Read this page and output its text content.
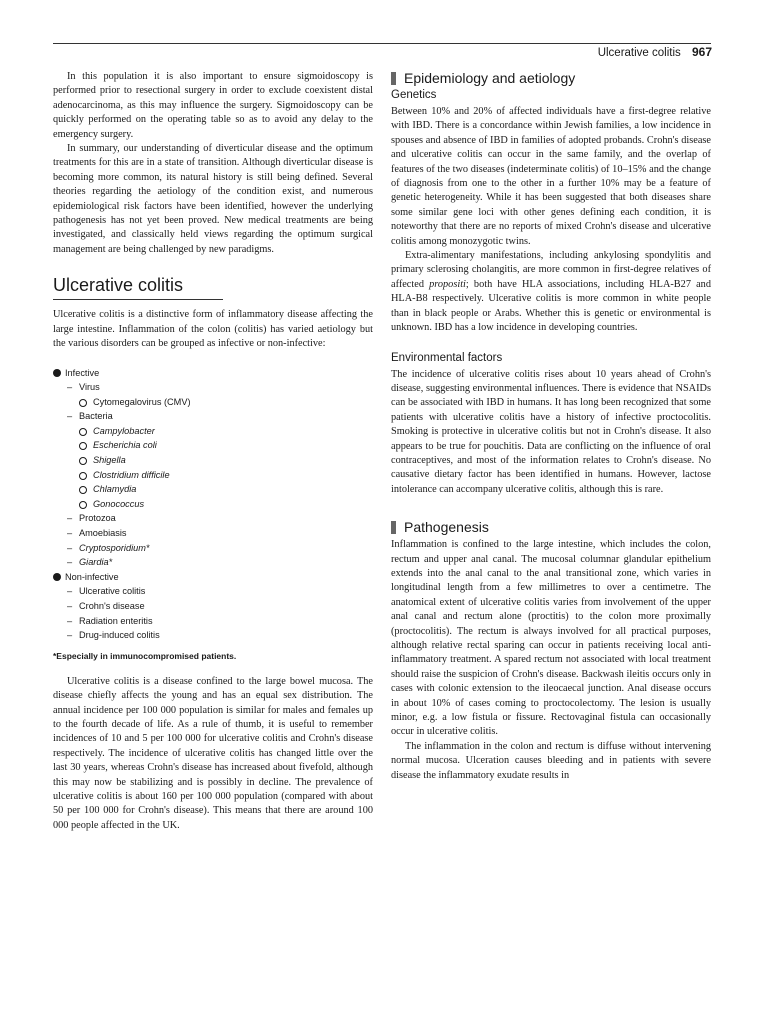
Ulcerative colitis 967

In this population it is also important to ensure sigmoidoscopy is performed prior to resectional surgery in order to exclude coexistent distal adenocarcinoma, as this may influence the surgery. Sigmoidoscopy can be quickly performed on the operating table so as to avoid any delay to the emergency surgery.

In summary, our understanding of diverticular disease and the optimum treatments for this are in a state of transition. Although diverticular disease is becoming more common, its natural history is still being defined. Several theories regarding the aetiology of the condition exist, and numerous epidemiological risk factors have been identified, however the underlying pathogenesis has not yet been proved. New medical treatments are being investigated, and classically held views regarding the optimum surgical management are being challenged by new paradigms.

Ulcerative colitis

Ulcerative colitis is a distinctive form of inflammatory disease affecting the large intestine. Inflammation of the colon (colitis) has varied aetiology but the various disorders can be grouped as infective or non-infective:

Infective
– Virus
Cytomegalovirus (CMV)
– Bacteria
Campylobacter
Escherichia coli
Shigella
Clostridium difficile
Chlamydia
Gonococcus
– Protozoa
– Amoebiasis
– Cryptosporidium*
– Giardia*
Non-infective
– Ulcerative colitis
– Crohn's disease
– Radiation enteritis
– Drug-induced colitis
*Especially in immunocompromised patients.

Ulcerative colitis is a disease confined to the large bowel mucosa. The disease chiefly affects the young and has an equal sex distribution. The annual incidence per 100 000 population is similar for males and females up to the fourth decade of life. As a rule of thumb, it is useful to remember incidences of 10 and 5 per 100 000 for ulcerative colitis and Crohn's disease respectively. The incidence of ulcerative colitis has changed little over the last 30 years, whereas Crohn's disease has increased about fivefold, although this may now be stabilizing and is possibly in decline. The prevalence of ulcerative colitis is about 160 per 100 000 population (compared with about 50 per 100 000 for Crohn's disease). This means that there are around 100 000 people affected in the UK.

Epidemiology and aetiology
Genetics

Between 10% and 20% of affected individuals have a first-degree relative with IBD. There is a concordance within Jewish families, a low incidence in spouses and absence of IBD in families of adopted probands. Crohn's disease and ulcerative colitis can occur in the same family, and the overlap of features of the two diseases (indeterminate colitis) of 10–15% and the change of diagnosis from one to the other in a further 10% may be a feature of genetic heterogeneity. While it has been suggested that both diseases share some similar gene loci with other genes defining each condition, it is noteworthy that there are no reports of mixed Crohn's disease and ulcerative colitis among monozygotic twins.

Extra-alimentary manifestations, including ankylosing spondylitis and primary sclerosing cholangitis, are more common in first-degree relatives of affected propositi; both have HLA associations, including HLA-B27 and HLA-B8 respectively. Ulcerative colitis is more common in white people than in black people or Arabs. Whether this is genetic or environmental is unknown. IBD has a low incidence in developing countries.

Environmental factors

The incidence of ulcerative colitis rises about 10 years ahead of Crohn's disease, suggesting environmental influences. There is evidence that NSAIDs can be associated with IBD in humans. It has long been recognized that some patients with ulcerative colitis have a history of infective proctocolitis. Smoking is protective in ulcerative colitis but not in Crohn's disease. It also appears to be true for pouchitis. Data are conflicting on the influence of oral contraceptives, and most of the information relates to Crohn's disease. No causative dietary factor has been identified in humans. However, lactose intolerance can accompany ulcerative colitis, although this is rare.

Pathogenesis

Inflammation is confined to the large intestine, which includes the colon, rectum and upper anal canal. The mucosal columnar glandular epithelium extends into the anal canal to the anal transitional zone, which varies in longitudinal length from a few millimetres to over a centimetre. The anatomical extent of ulcerative colitis varies from involvement of the upper anal canal and rectum alone (proctitis) to the colon more proximally (proctocolitis). The rectum is always involved for all practical purposes, although relative rectal sparing can occur in patients receiving local anti-inflammatory treatment. A spared rectum not associated with local treatment should raise the suspicion of Crohn's disease. Backwash ileitis occurs only in cases with colonic extension to the ileocaecal junction. Anal disease occurs in about 10% of cases coming to proctocolectomy. The lesion is usually minor, e.g. a low fistula or fissure. Rectovaginal fistula can occasionally occur in ulcerative colitis.

The inflammation in the colon and rectum is diffuse without intervening normal mucosa. Ulceration causes bleeding and in patients with severe disease the inflammatory exudate results in
